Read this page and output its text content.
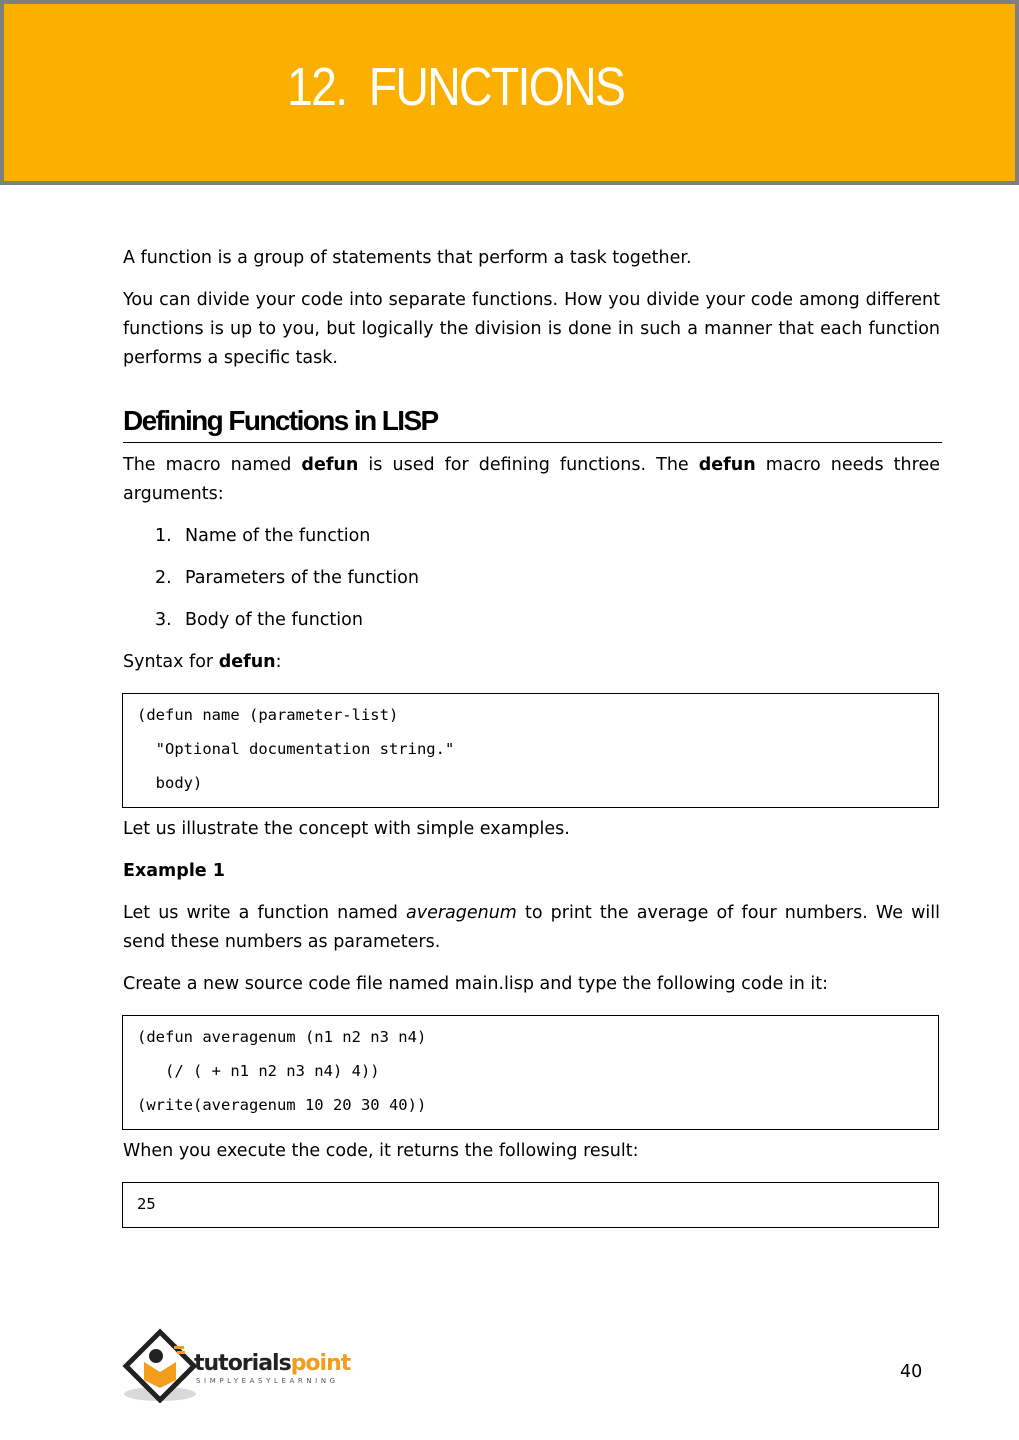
12.  FUNCTIONS

A function is a group of statements that perform a task together.

You can divide your code into separate functions. How you divide your code among different functions is up to you, but logically the division is done in such a manner that each function performs a specific task.

Defining Functions in LISP

The macro named defun is used for defining functions. The defun macro needs three arguments:

1. Name of the function
2. Parameters of the function
3. Body of the function

Syntax for defun:

(defun name (parameter-list)
"Optional documentation string."
body)

Let us illustrate the concept with simple examples.

Example 1

Let us write a function named averagenum to print the average of four numbers. We will send these numbers as parameters.

Create a new source code file named main.lisp and type the following code in it:

(defun averagenum (n1 n2 n3 n4)
(/ ( + n1 n2 n3 n4) 4))
(write(averagenum 10 20 30 40))

When you execute the code, it returns the following result:

25
tutorialspoint
SIMPLYEASYLEARNING	40
